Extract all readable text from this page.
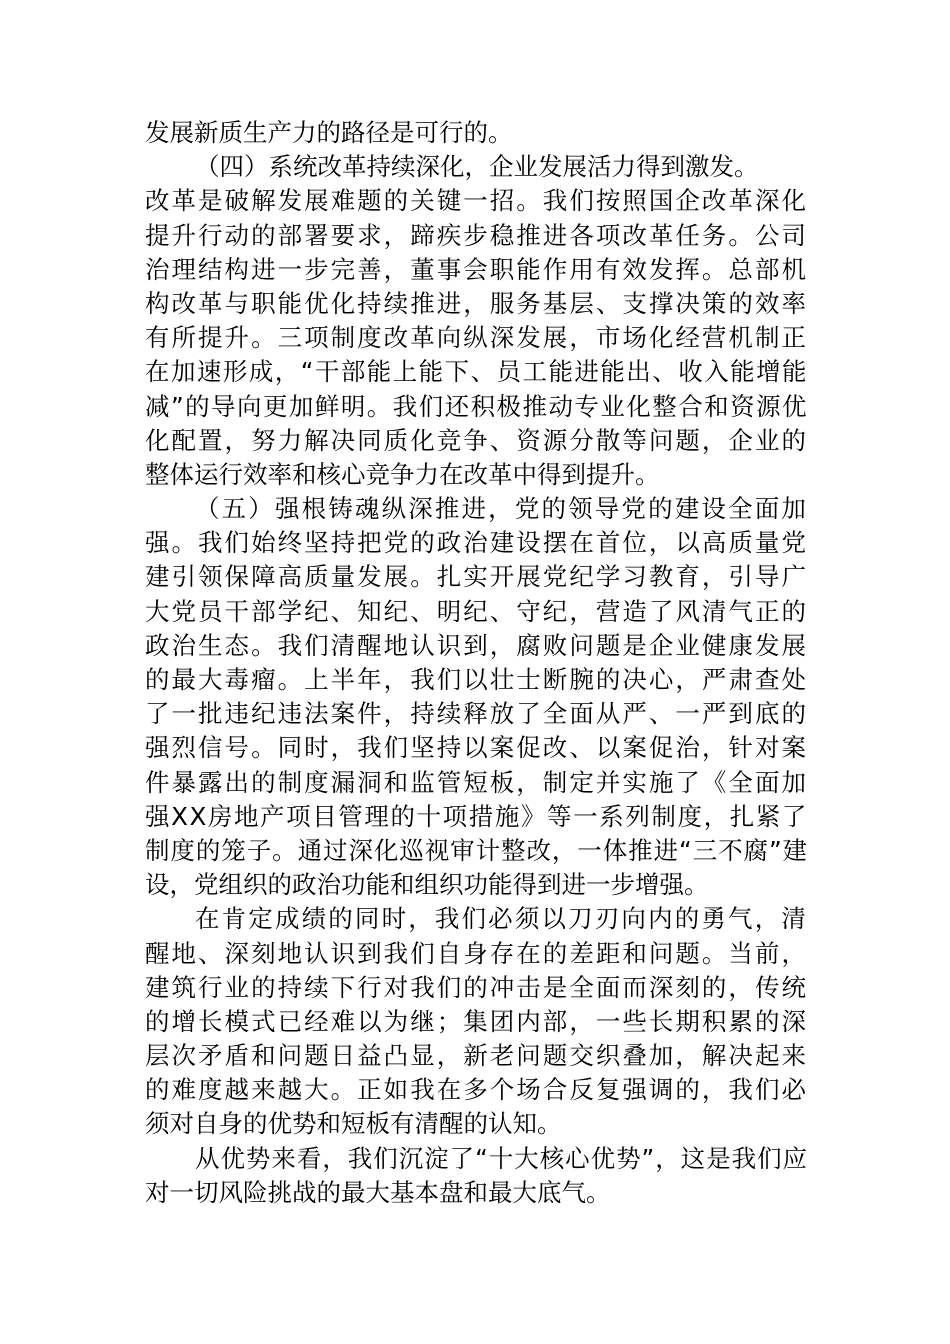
发展新质生产力的路径是可行的。
（四）系统改革持续深化，企业发展活力得到激发。
改革是破解发展难题的关键一招。我们按照国企改革深化
提升行动的部署要求，蹄疾步稳推进各项改革任务。公司
治理结构进一步完善，董事会职能作用有效发挥。总部机
构改革与职能优化持续推进，服务基层、支撑决策的效率
有所提升。三项制度改革向纵深发展，市场化经营机制正
在加速形成，“干部能上能下、员工能进能出、收入能增能
减”的导向更加鲜明。我们还积极推动专业化整合和资源优
化配置，努力解决同质化竞争、资源分散等问题，企业的
整体运行效率和核心竞争力在改革中得到提升。
（五）强根铸魂纵深推进，党的领导党的建设全面加
强。我们始终坚持把党的政治建设摆在首位，以高质量党
建引领保障高质量发展。扎实开展党纪学习教育，引导广
大党员干部学纪、知纪、明纪、守纪，营造了风清气正的
政治生态。我们清醒地认识到，腐败问题是企业健康发展
的最大毒瘤。上半年，我们以壮士断腕的决心，严肃查处
了一批违纪违法案件，持续释放了全面从严、一严到底的
强烈信号。同时，我们坚持以案促改、以案促治，针对案
件暴露出的制度漏洞和监管短板，制定并实施了《全面加
强XX房地产项目管理的十项措施》等一系列制度，扎紧了
制度的笼子。通过深化巡视审计整改，一体推进“三不腐”建
设，党组织的政治功能和组织功能得到进一步增强。
在肯定成绩的同时，我们必须以刀刃向内的勇气，清
醒地、深刻地认识到我们自身存在的差距和问题。当前，
建筑行业的持续下行对我们的冲击是全面而深刻的，传统
的增长模式已经难以为继；集团内部，一些长期积累的深
层次矛盾和问题日益凸显，新老问题交织叠加，解决起来
的难度越来越大。正如我在多个场合反复强调的，我们必
须对自身的优势和短板有清醒的认知。
从优势来看，我们沉淀了“十大核心优势”，这是我们应
对一切风险挑战的最大基本盘和最大底气。
